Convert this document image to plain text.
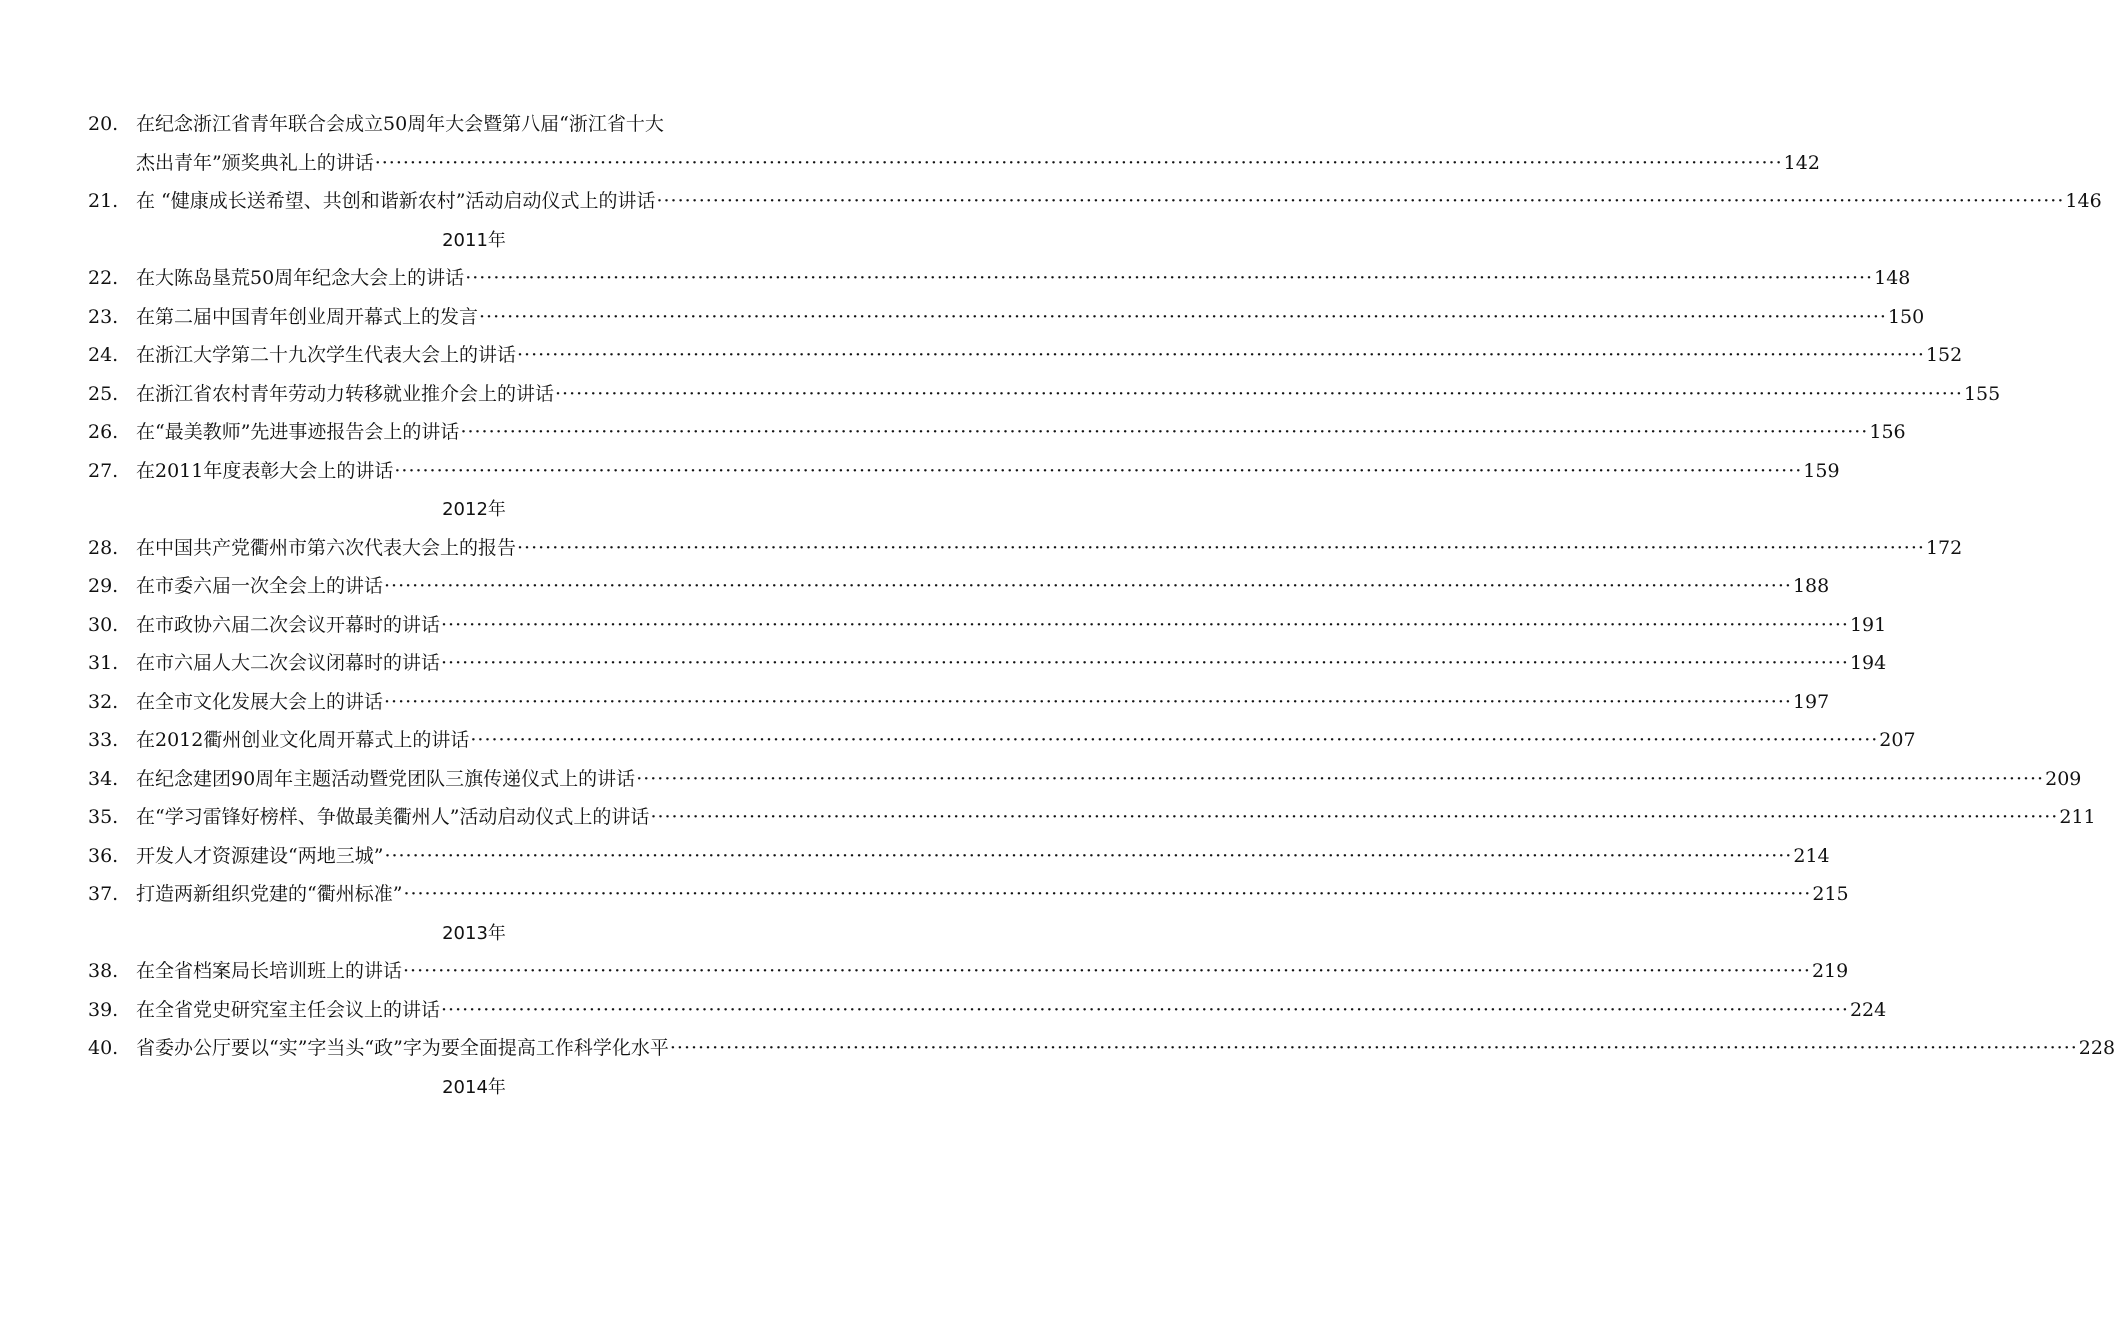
20. 在纪念浙江省青年联合会成立50周年大会暨第八届“浙江省十大
杰出青年”颁奖典礼上的讲话 ········································································································································································································ 142
21. 在 “健康成长送希望、共创和谐新农村”活动启动仪式上的讲话 ········································································································································································································ 146
2011年
22. 在大陈岛垦荒50周年纪念大会上的讲话 ········································································································································································································ 148
23. 在第二届中国青年创业周开幕式上的发言 ········································································································································································································ 150
24. 在浙江大学第二十九次学生代表大会上的讲话 ········································································································································································································ 152
25. 在浙江省农村青年劳动力转移就业推介会上的讲话 ········································································································································································································ 155
26. 在“最美教师”先进事迹报告会上的讲话 ········································································································································································································ 156
27. 在2011年度表彰大会上的讲话 ········································································································································································································ 159
2012年
28. 在中国共产党衢州市第六次代表大会上的报告 ········································································································································································································ 172
29. 在市委六届一次全会上的讲话 ········································································································································································································ 188
30. 在市政协六届二次会议开幕时的讲话 ········································································································································································································ 191
31. 在市六届人大二次会议闭幕时的讲话 ········································································································································································································ 194
32. 在全市文化发展大会上的讲话 ········································································································································································································ 197
33. 在2012衢州创业文化周开幕式上的讲话 ········································································································································································································ 207
34. 在纪念建团90周年主题活动暨党团队三旗传递仪式上的讲话 ········································································································································································································ 209
35. 在“学习雷锋好榜样、争做最美衢州人”活动启动仪式上的讲话 ········································································································································································································ 211
36. 开发人才资源建设“两地三城” ········································································································································································································ 214
37. 打造两新组织党建的“衢州标准” ········································································································································································································ 215
2013年
38. 在全省档案局长培训班上的讲话 ········································································································································································································ 219
39. 在全省党史研究室主任会议上的讲话 ········································································································································································································ 224
40. 省委办公厅要以“实”字当头“政”字为要全面提高工作科学化水平 ········································································································································································································ 228
2014年
